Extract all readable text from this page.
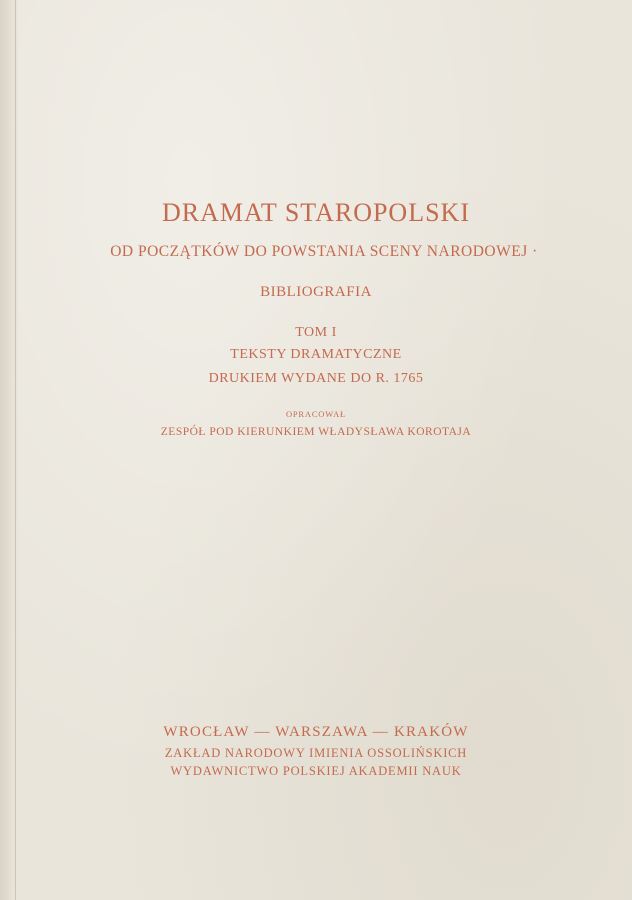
DRAMAT STAROPOLSKI
OD POCZĄTKÓW DO POWSTANIA SCENY NARODOWEJ ·
BIBLIOGRAFIA
TOM I
TEKSTY DRAMATYCZNE
DRUKIEM WYDANE DO R. 1765
OPRACOWAŁ
ZESPÓŁ POD KIERUNKIEM WŁADYSŁAWA KOROTAJA
WROCŁAW — WARSZAWA — KRAKÓW
ZAKŁAD NARODOWY IMIENIA OSSOLIŃSKICH
WYDAWNICTWO POLSKIEJ AKADEMII NAUK
